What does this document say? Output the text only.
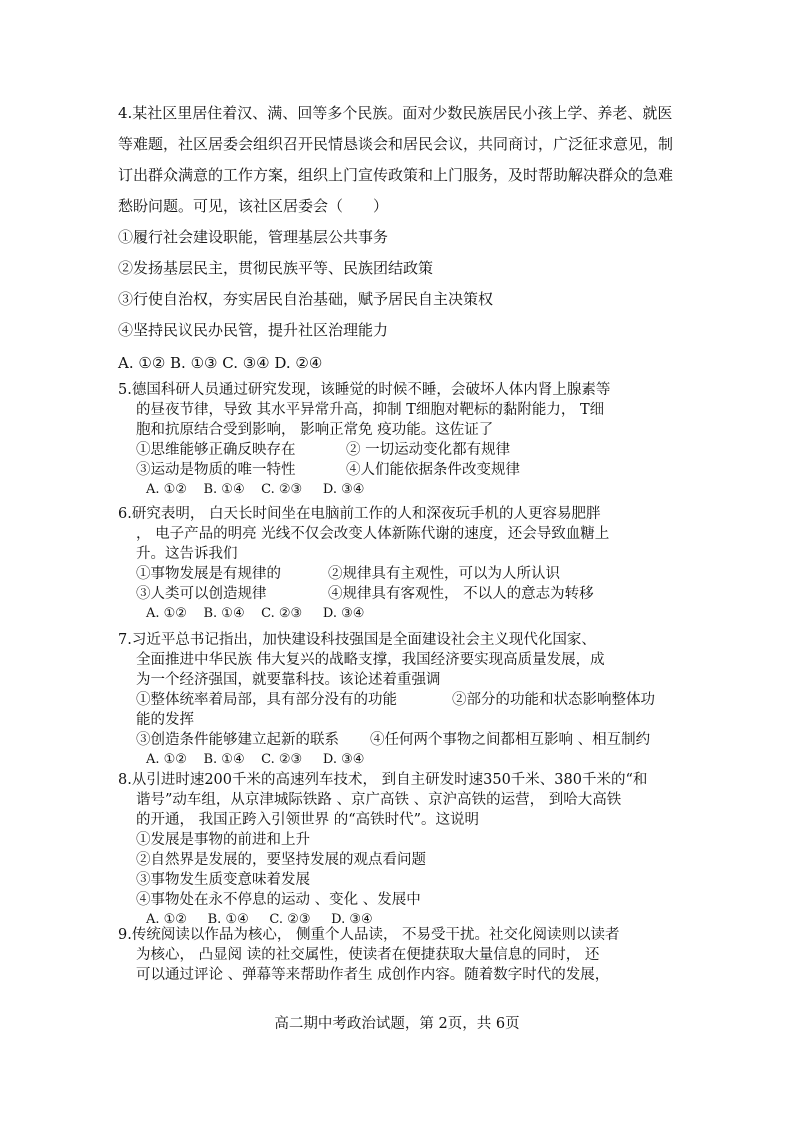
4.某社区里居住着汉、满、回等多个民族。面对少数民族居民小孩上学、养老、就医等难题，社区居委会组织召开民情恳谈会和居民会议，共同商讨，广泛征求意见，制订出群众满意的工作方案，组织上门宣传政策和上门服务，及时帮助解决群众的急难愁盼问题。可见，该社区居委会（　　）

①履行社会建设职能，管理基层公共事务

②发扬基层民主，贯彻民族平等、民族团结政策

③行使自治权，夯实居民自治基础，赋予居民自主决策权

④坚持民议民办民管，提升社区治理能力

A. ①② B. ①③ C. ③④ D. ②④

5.德国科研人员通过研究发现，该睡觉的时候不睡，会破坏人体内肾上腺素等

的昼夜节律，导致 其水平异常升高，抑制 T细胞对靶标的黏附能力， T细

胞和抗原结合受到影响， 影响正常免 疫功能。这佐证了

①思维能够正确反映存在	② 一切运动变化都有规律
③运动是物质的唯一特性	④人们能依据条件改变规律

A. ①②    B. ①④    C. ②③     D. ③④

6.研究表明， 白天长时间坐在电脑前工作的人和深夜玩手机的人更容易肥胖

， 电子产品的明亮 光线不仅会改变人体新陈代谢的速度，还会导致血糖上

升。这告诉我们

①事物发展是有规律的	②规律具有主观性，可以为人所认识
③人类可以创造规律	④规律具有客观性， 不以人的意志为转移

A. ①②    B. ①④    C. ②③     D. ③④

7.习近平总书记指出，加快建设科技强国是全面建设社会主义现代化国家、

全面推进中华民族 伟大复兴的战略支撑，我国经济要实现高质量发展，成

为一个经济强国，就要靠科技。该论述着重强调

①整体统率着局部，具有部分没有的功能	②部分的功能和状态影响整体功

能的发挥

③创造条件能够建立起新的联系	④任何两个事物之间都相互影响 、相互制约

A. ①②    B. ①④    C. ②③     D. ③④

8.从引进时速200千米的高速列车技术， 到自主研发时速350千米、380千米的“和

谐号”动车组，从京津城际铁路 、京广高铁 、京沪高铁的运营， 到哈大高铁

的开通， 我国正跨入引领世界 的“高铁时代”。这说明

①发展是事物的前进和上升

②自然界是发展的，要坚持发展的观点看问题

③事物发生质变意味着发展

④事物处在永不停息的运动 、变化 、发展中

A. ①②     B. ①④     C. ②③     D. ③④

9.传统阅读以作品为核心， 侧重个人品读， 不易受干扰。社交化阅读则以读者

为核心， 凸显阅 读的社交属性，使读者在便捷获取大量信息的同时， 还

可以通过评论 、弹幕等来帮助作者生 成创作内容。随着数字时代的发展，

高二期中考政治试题，第 2页，共 6页
